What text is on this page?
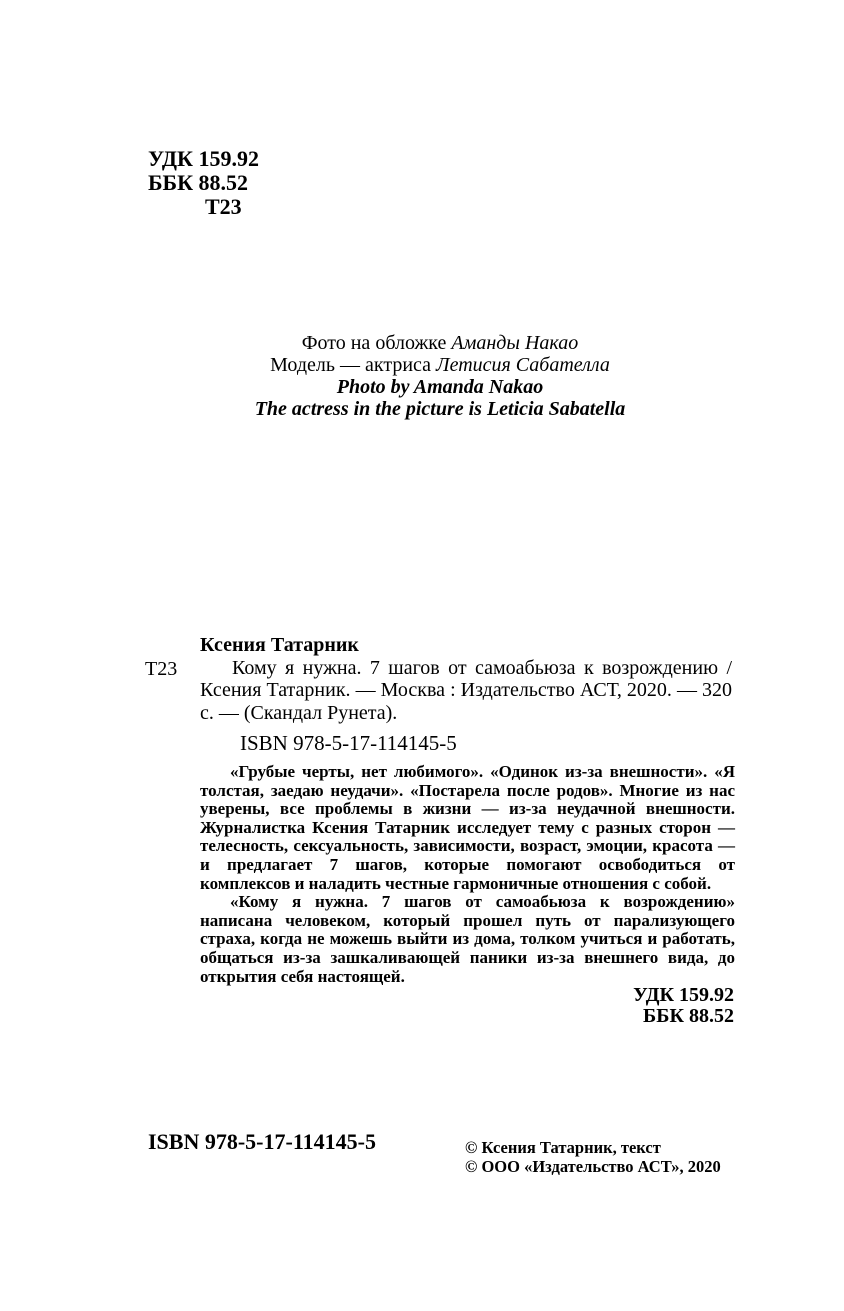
УДК 159.92
ББК 88.52
Т23
Фото на обложке Аманды Накао
Модель — актриса Летисия Сабателла
Photo by Amanda Nakao
The actress in the picture is Leticia Sabatella
Т23
Ксения Татарник

Кому я нужна. 7 шагов от самоабьюза к возрождению / Ксения Татарник. — Москва : Издательство АСТ, 2020. — 320 с. — (Скандал Рунета).

ISBN 978-5-17-114145-5

«Грубые черты, нет любимого». «Одинок из-за внешности». «Я толстая, заедаю неудачи». «Постарела после родов». Многие из нас уверены, все проблемы в жизни — из-за неудачной внешности. Журналистка Ксения Татарник исследует тему с разных сторон — телесность, сексуальность, зависимости, возраст, эмоции, красота — и предлагает 7 шагов, которые помогают освободиться от комплексов и наладить честные гармоничные отношения с собой.

«Кому я нужна. 7 шагов от самоабьюза к возрождению» написана человеком, который прошел путь от парализующего страха, когда не можешь выйти из дома, толком учиться и работать, общаться из-за зашкаливающей паники из-за внешнего вида, до открытия себя настоящей.

УДК 159.92
ББК 88.52
ISBN 978-5-17-114145-5	© Ксения Татарник, текст
© ООО «Издательство АСТ», 2020
